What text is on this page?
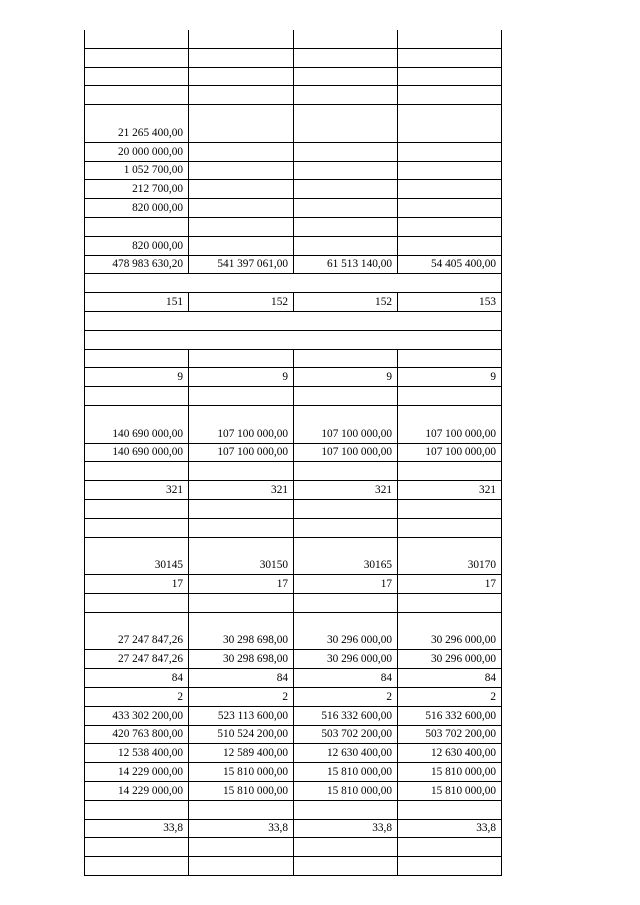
21 265 400,00
20 000 000,00
1 052 700,00
212 700,00
820 000,00
820 000,00
478 983 630,20	541 397 061,00	61 513 140,00	54 405 400,00
151	152	152	153
9	9	9	9
140 690 000,00	107 100 000,00	107 100 000,00	107 100 000,00
140 690 000,00	107 100 000,00	107 100 000,00	107 100 000,00
321	321	321	321
30145	30150	30165	30170
17	17	17	17
27 247 847,26	30 298 698,00	30 296 000,00	30 296 000,00
27 247 847,26	30 298 698,00	30 296 000,00	30 296 000,00
84	84	84	84
2	2	2	2
433 302 200,00	523 113 600,00	516 332 600,00	516 332 600,00
420 763 800,00	510 524 200,00	503 702 200,00	503 702 200,00
12 538 400,00	12 589 400,00	12 630 400,00	12 630 400,00
14 229 000,00	15 810 000,00	15 810 000,00	15 810 000,00
14 229 000,00	15 810 000,00	15 810 000,00	15 810 000,00
33,8	33,8	33,8	33,8
